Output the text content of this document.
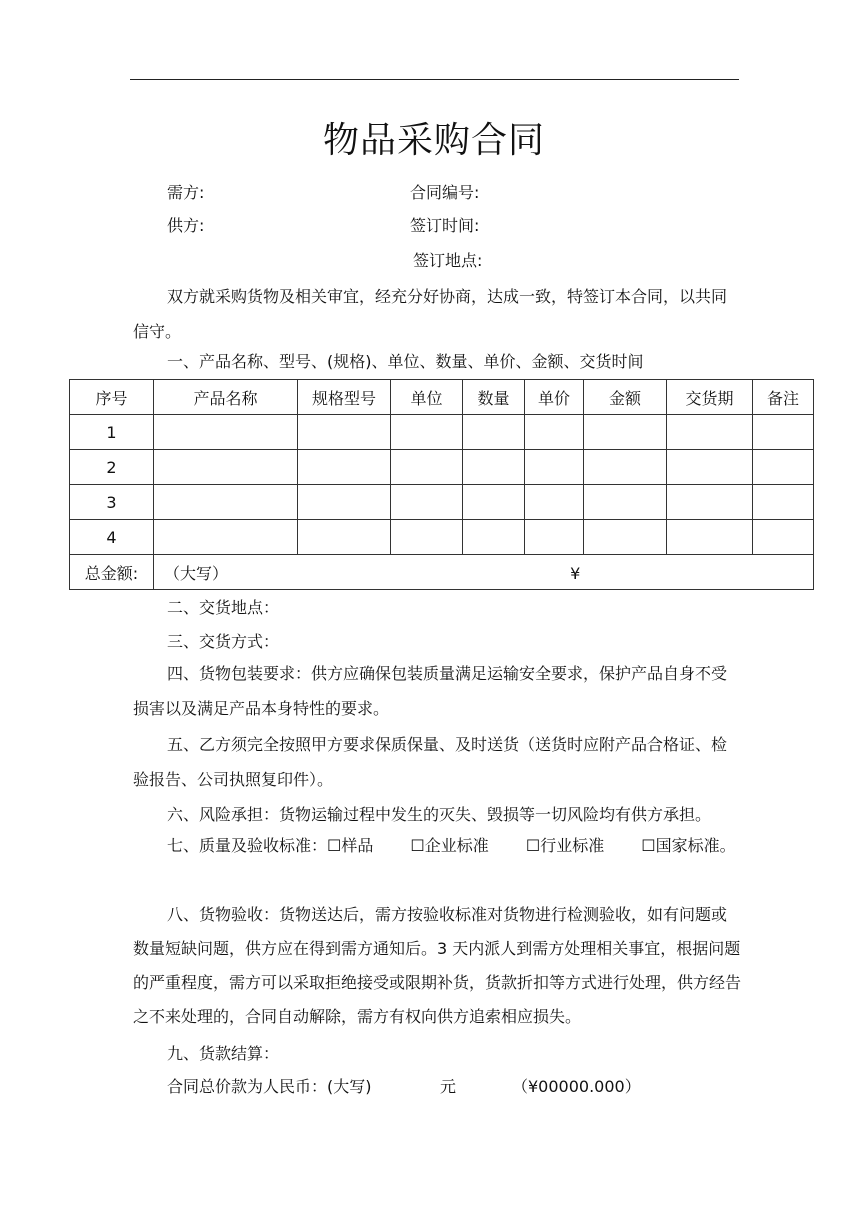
物品采购合同
需方:	合同编号:
供方:	签订时间:
签订地点:
双方就采购货物及相关审宜，经充分好协商，达成一致，特签订本合同，以共同信守。
一、产品名称、型号、(规格)、单位、数量、单价、金额、交货时间
序号	产品名称	规格型号	单位	数量	单价	金额	交货期	备注
1								
2								
3								
4								
总金额:	（大写） ¥							
二、交货地点：
三、交货方式：
四、货物包装要求：供方应确保包装质量满足运输安全要求，保护产品自身不受损害以及满足产品本身特性的要求。
五、乙方须完全按照甲方要求保质保量、及时送货（送货时应附产品合格证、检验报告、公司执照复印件）。
六、风险承担：货物运输过程中发生的灭失、毁损等一切风险均有供方承担。
七、质量及验收标准：☐样品　　 ☐企业标准　　 ☐行业标准　　 ☐国家标准。
八、货物验收：货物送达后，需方按验收标准对货物进行检测验收，如有问题或数量短缺问题，供方应在得到需方通知后。3 天内派人到需方处理相关事宜，根据问题的严重程度，需方可以采取拒绝接受或限期补货，货款折扣等方式进行处理，供方经告之不来处理的，合同自动解除，需方有权向供方追索相应损失。
九、货款结算：
合同总价款为人民币：(大写)	元	（¥00000.000）
